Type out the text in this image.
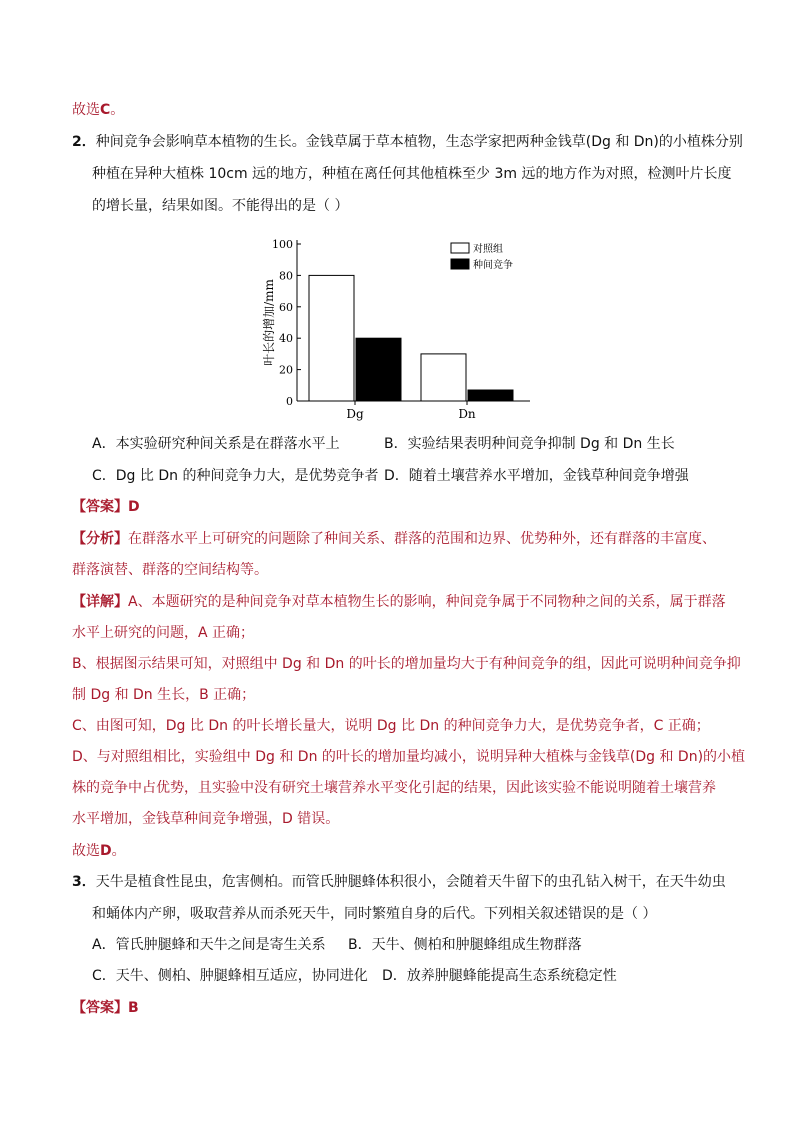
故选C。
2．种间竞争会影响草本植物的生长。金钱草属于草本植物，生态学家把两种金钱草(Dg 和 Dn)的小植株分别
种植在异种大植株 10cm 远的地方，种植在离任何其他植株至少 3m 远的地方作为对照，检测叶片长度
的增长量，结果如图。不能得出的是（ ）
0
20
40
60
80
100
叶长的增加/mm
Dg	Dn
对照组
种间竞争
A．本实验研究种间关系是在群落水平上	B．实验结果表明种间竞争抑制 Dg 和 Dn 生长
C．Dg 比 Dn 的种间竞争力大，是优势竞争者 D．随着土壤营养水平增加，金钱草种间竞争增强
【答案】D
【分析】在群落水平上可研究的问题除了种间关系、群落的范围和边界、优势种外，还有群落的丰富度、
群落演替、群落的空间结构等。
【详解】A、本题研究的是种间竞争对草本植物生长的影响，种间竞争属于不同物种之间的关系，属于群落
水平上研究的问题，A 正确；
B、根据图示结果可知，对照组中 Dg 和 Dn 的叶长的增加量均大于有种间竞争的组，因此可说明种间竞争抑
制 Dg 和 Dn 生长，B 正确；
C、由图可知，Dg 比 Dn 的叶长增长量大，说明 Dg 比 Dn 的种间竞争力大，是优势竞争者，C 正确；
D、与对照组相比，实验组中 Dg 和 Dn 的叶长的增加量均减小，说明异种大植株与金钱草(Dg 和 Dn)的小植
株的竞争中占优势，且实验中没有研究土壤营养水平变化引起的结果，因此该实验不能说明随着土壤营养
水平增加，金钱草种间竞争增强，D 错误。
故选D。
3．天牛是植食性昆虫，危害侧柏。而管氏肿腿蜂体积很小，会随着天牛留下的虫孔钻入树干，在天牛幼虫
和蛹体内产卵，吸取营养从而杀死天牛，同时繁殖自身的后代。下列相关叙述错误的是（ ）
A．管氏肿腿蜂和天牛之间是寄生关系 B．天牛、侧柏和肿腿蜂组成生物群落
C．天牛、侧柏、肿腿蜂相互适应，协同进化 D．放养肿腿蜂能提高生态系统稳定性
【答案】B
